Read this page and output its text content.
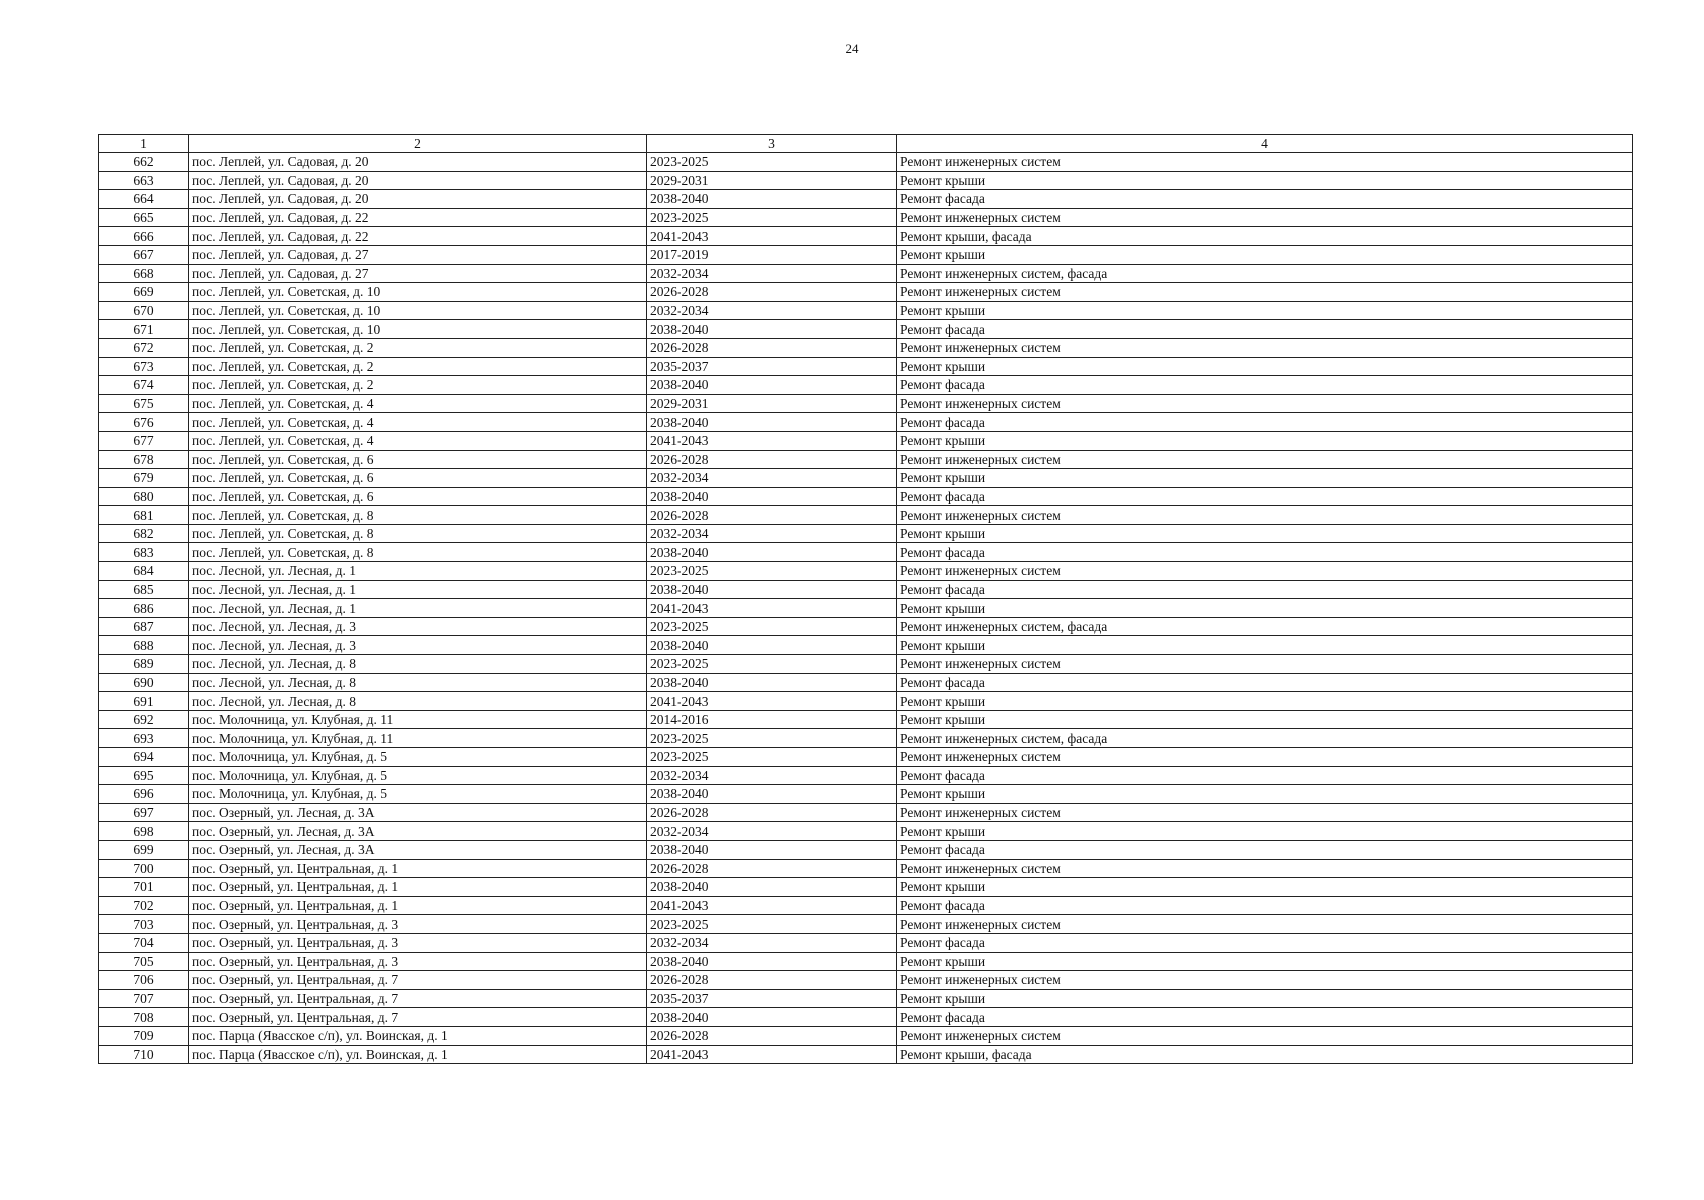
24
1	2	3	4
662	пос. Леплей, ул. Садовая, д. 20	2023-2025	Ремонт инженерных систем
663	пос. Леплей, ул. Садовая, д. 20	2029-2031	Ремонт крыши
664	пос. Леплей, ул. Садовая, д. 20	2038-2040	Ремонт фасада
665	пос. Леплей, ул. Садовая, д. 22	2023-2025	Ремонт инженерных систем
666	пос. Леплей, ул. Садовая, д. 22	2041-2043	Ремонт крыши, фасада
667	пос. Леплей, ул. Садовая, д. 27	2017-2019	Ремонт крыши
668	пос. Леплей, ул. Садовая, д. 27	2032-2034	Ремонт инженерных систем, фасада
669	пос. Леплей, ул. Советская, д. 10	2026-2028	Ремонт инженерных систем
670	пос. Леплей, ул. Советская, д. 10	2032-2034	Ремонт крыши
671	пос. Леплей, ул. Советская, д. 10	2038-2040	Ремонт фасада
672	пос. Леплей, ул. Советская, д. 2	2026-2028	Ремонт инженерных систем
673	пос. Леплей, ул. Советская, д. 2	2035-2037	Ремонт крыши
674	пос. Леплей, ул. Советская, д. 2	2038-2040	Ремонт фасада
675	пос. Леплей, ул. Советская, д. 4	2029-2031	Ремонт инженерных систем
676	пос. Леплей, ул. Советская, д. 4	2038-2040	Ремонт фасада
677	пос. Леплей, ул. Советская, д. 4	2041-2043	Ремонт крыши
678	пос. Леплей, ул. Советская, д. 6	2026-2028	Ремонт инженерных систем
679	пос. Леплей, ул. Советская, д. 6	2032-2034	Ремонт крыши
680	пос. Леплей, ул. Советская, д. 6	2038-2040	Ремонт фасада
681	пос. Леплей, ул. Советская, д. 8	2026-2028	Ремонт инженерных систем
682	пос. Леплей, ул. Советская, д. 8	2032-2034	Ремонт крыши
683	пос. Леплей, ул. Советская, д. 8	2038-2040	Ремонт фасада
684	пос. Лесной, ул. Лесная, д. 1	2023-2025	Ремонт инженерных систем
685	пос. Лесной, ул. Лесная, д. 1	2038-2040	Ремонт фасада
686	пос. Лесной, ул. Лесная, д. 1	2041-2043	Ремонт крыши
687	пос. Лесной, ул. Лесная, д. 3	2023-2025	Ремонт инженерных систем, фасада
688	пос. Лесной, ул. Лесная, д. 3	2038-2040	Ремонт крыши
689	пос. Лесной, ул. Лесная, д. 8	2023-2025	Ремонт инженерных систем
690	пос. Лесной, ул. Лесная, д. 8	2038-2040	Ремонт фасада
691	пос. Лесной, ул. Лесная, д. 8	2041-2043	Ремонт крыши
692	пос. Молочница, ул. Клубная, д. 11	2014-2016	Ремонт крыши
693	пос. Молочница, ул. Клубная, д. 11	2023-2025	Ремонт инженерных систем, фасада
694	пос. Молочница, ул. Клубная, д. 5	2023-2025	Ремонт инженерных систем
695	пос. Молочница, ул. Клубная, д. 5	2032-2034	Ремонт фасада
696	пос. Молочница, ул. Клубная, д. 5	2038-2040	Ремонт крыши
697	пос. Озерный, ул. Лесная, д. 3А	2026-2028	Ремонт инженерных систем
698	пос. Озерный, ул. Лесная, д. 3А	2032-2034	Ремонт крыши
699	пос. Озерный, ул. Лесная, д. 3А	2038-2040	Ремонт фасада
700	пос. Озерный, ул. Центральная, д. 1	2026-2028	Ремонт инженерных систем
701	пос. Озерный, ул. Центральная, д. 1	2038-2040	Ремонт крыши
702	пос. Озерный, ул. Центральная, д. 1	2041-2043	Ремонт фасада
703	пос. Озерный, ул. Центральная, д. 3	2023-2025	Ремонт инженерных систем
704	пос. Озерный, ул. Центральная, д. 3	2032-2034	Ремонт фасада
705	пос. Озерный, ул. Центральная, д. 3	2038-2040	Ремонт крыши
706	пос. Озерный, ул. Центральная, д. 7	2026-2028	Ремонт инженерных систем
707	пос. Озерный, ул. Центральная, д. 7	2035-2037	Ремонт крыши
708	пос. Озерный, ул. Центральная, д. 7	2038-2040	Ремонт фасада
709	пос. Парца (Явасское с/п), ул. Воинская, д. 1	2026-2028	Ремонт инженерных систем
710	пос. Парца (Явасское с/п), ул. Воинская, д. 1	2041-2043	Ремонт крыши, фасада
